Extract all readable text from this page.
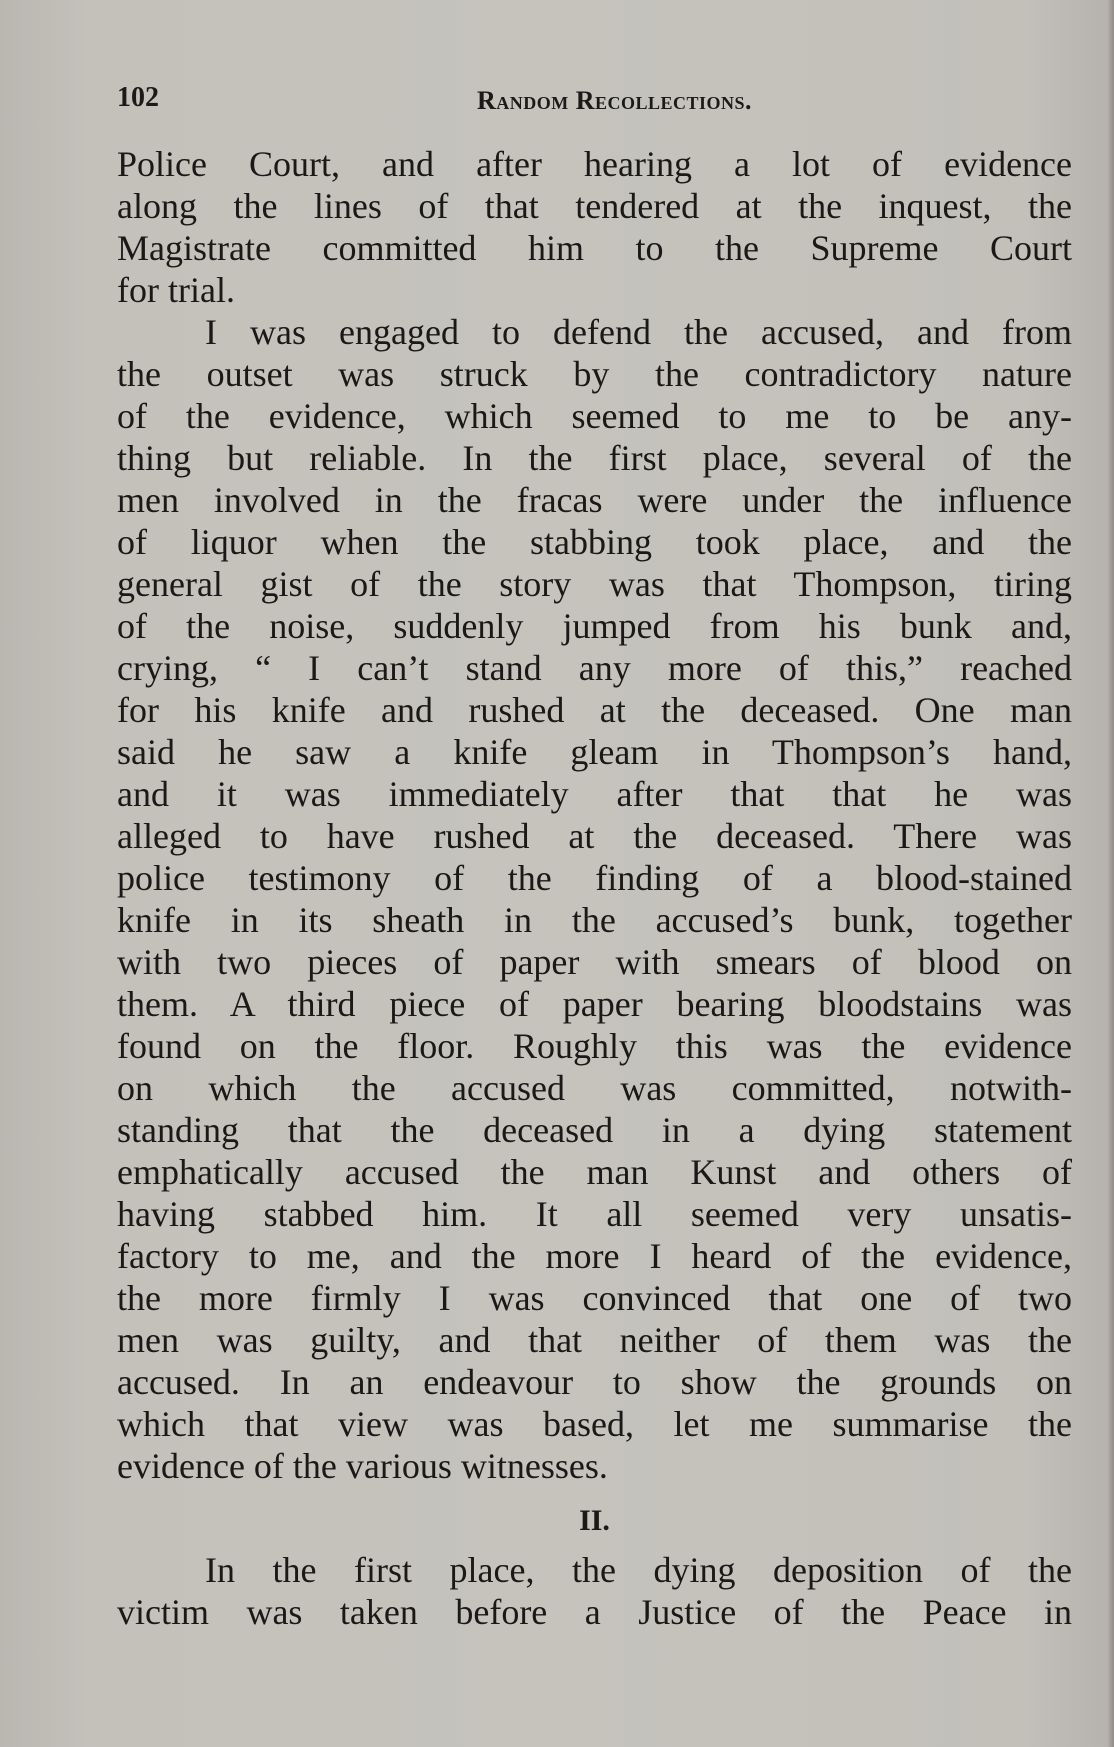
102	Random Recollections.
Police Court, and after hearing a lot of evidence
along the lines of that tendered at the inquest, the
Magistrate committed him to the Supreme Court
for trial.
I was engaged to defend the accused, and from
the outset was struck by the contradictory nature
of the evidence, which seemed to me to be any-
thing but reliable. In the first place, several of the
men involved in the fracas were under the influence
of liquor when the stabbing took place, and the
general gist of the story was that Thompson, tiring
of the noise, suddenly jumped from his bunk and,
crying, “ I can’t stand any more of this,” reached
for his knife and rushed at the deceased. One man
said he saw a knife gleam in Thompson’s hand,
and it was immediately after that that he was
alleged to have rushed at the deceased. There was
police testimony of the finding of a blood-stained
knife in its sheath in the accused’s bunk, together
with two pieces of paper with smears of blood on
them. A third piece of paper bearing bloodstains was
found on the floor. Roughly this was the evidence
on which the accused was committed, notwith-
standing that the deceased in a dying statement
emphatically accused the man Kunst and others of
having stabbed him. It all seemed very unsatis-
factory to me, and the more I heard of the evidence,
the more firmly I was convinced that one of two
men was guilty, and that neither of them was the
accused. In an endeavour to show the grounds on
which that view was based, let me summarise the
evidence of the various witnesses.
II.
In the first place, the dying deposition of the
victim was taken before a Justice of the Peace in
